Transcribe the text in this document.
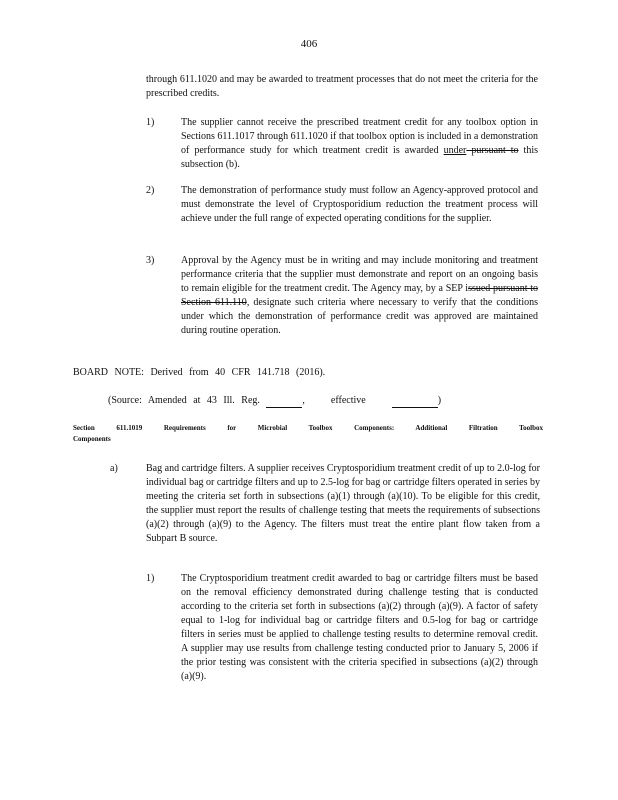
406
through 611.1020 and may be awarded to treatment processes that do not meet the criteria for the prescribed credits.
1)	The supplier cannot receive the prescribed treatment credit for any toolbox option in Sections 611.1017 through 611.1020 if that toolbox option is included in a demonstration of performance study for which treatment credit is awarded under pursuant to this subsection (b).
2)	The demonstration of performance study must follow an Agency-approved protocol and must demonstrate the level of Cryptosporidium reduction the treatment process will achieve under the full range of expected operating conditions for the supplier.
3)	Approval by the Agency must be in writing and may include monitoring and treatment performance criteria that the supplier must demonstrate and report on an ongoing basis to remain eligible for the treatment credit. The Agency may, by a SEP issued pursuant to Section 611.110, designate such criteria where necessary to verify that the conditions under which the demonstration of performance credit was approved are maintained during routine operation.
BOARD NOTE: Derived from 40 CFR 141.718 (2016).
(Source: Amended at 43 Ill. Reg.	,	effective	)
Section 611.1019	Requirements for Microbial Toolbox Components: Additional Filtration Toolbox Components
a)	Bag and cartridge filters. A supplier receives Cryptosporidium treatment credit of up to 2.0-log for individual bag or cartridge filters and up to 2.5-log for bag or cartridge filters operated in series by meeting the criteria set forth in subsections (a)(1) through (a)(10). To be eligible for this credit, the supplier must report the results of challenge testing that meets the requirements of subsections (a)(2) through (a)(9) to the Agency. The filters must treat the entire plant flow taken from a Subpart B source.
1)	The Cryptosporidium treatment credit awarded to bag or cartridge filters must be based on the removal efficiency demonstrated during challenge testing that is conducted according to the criteria set forth in subsections (a)(2) through (a)(9). A factor of safety equal to 1-log for individual bag or cartridge filters and 0.5-log for bag or cartridge filters in series must be applied to challenge testing results to determine removal credit. A supplier may use results from challenge testing conducted prior to January 5, 2006 if the prior testing was consistent with the criteria specified in subsections (a)(2) through (a)(9).
